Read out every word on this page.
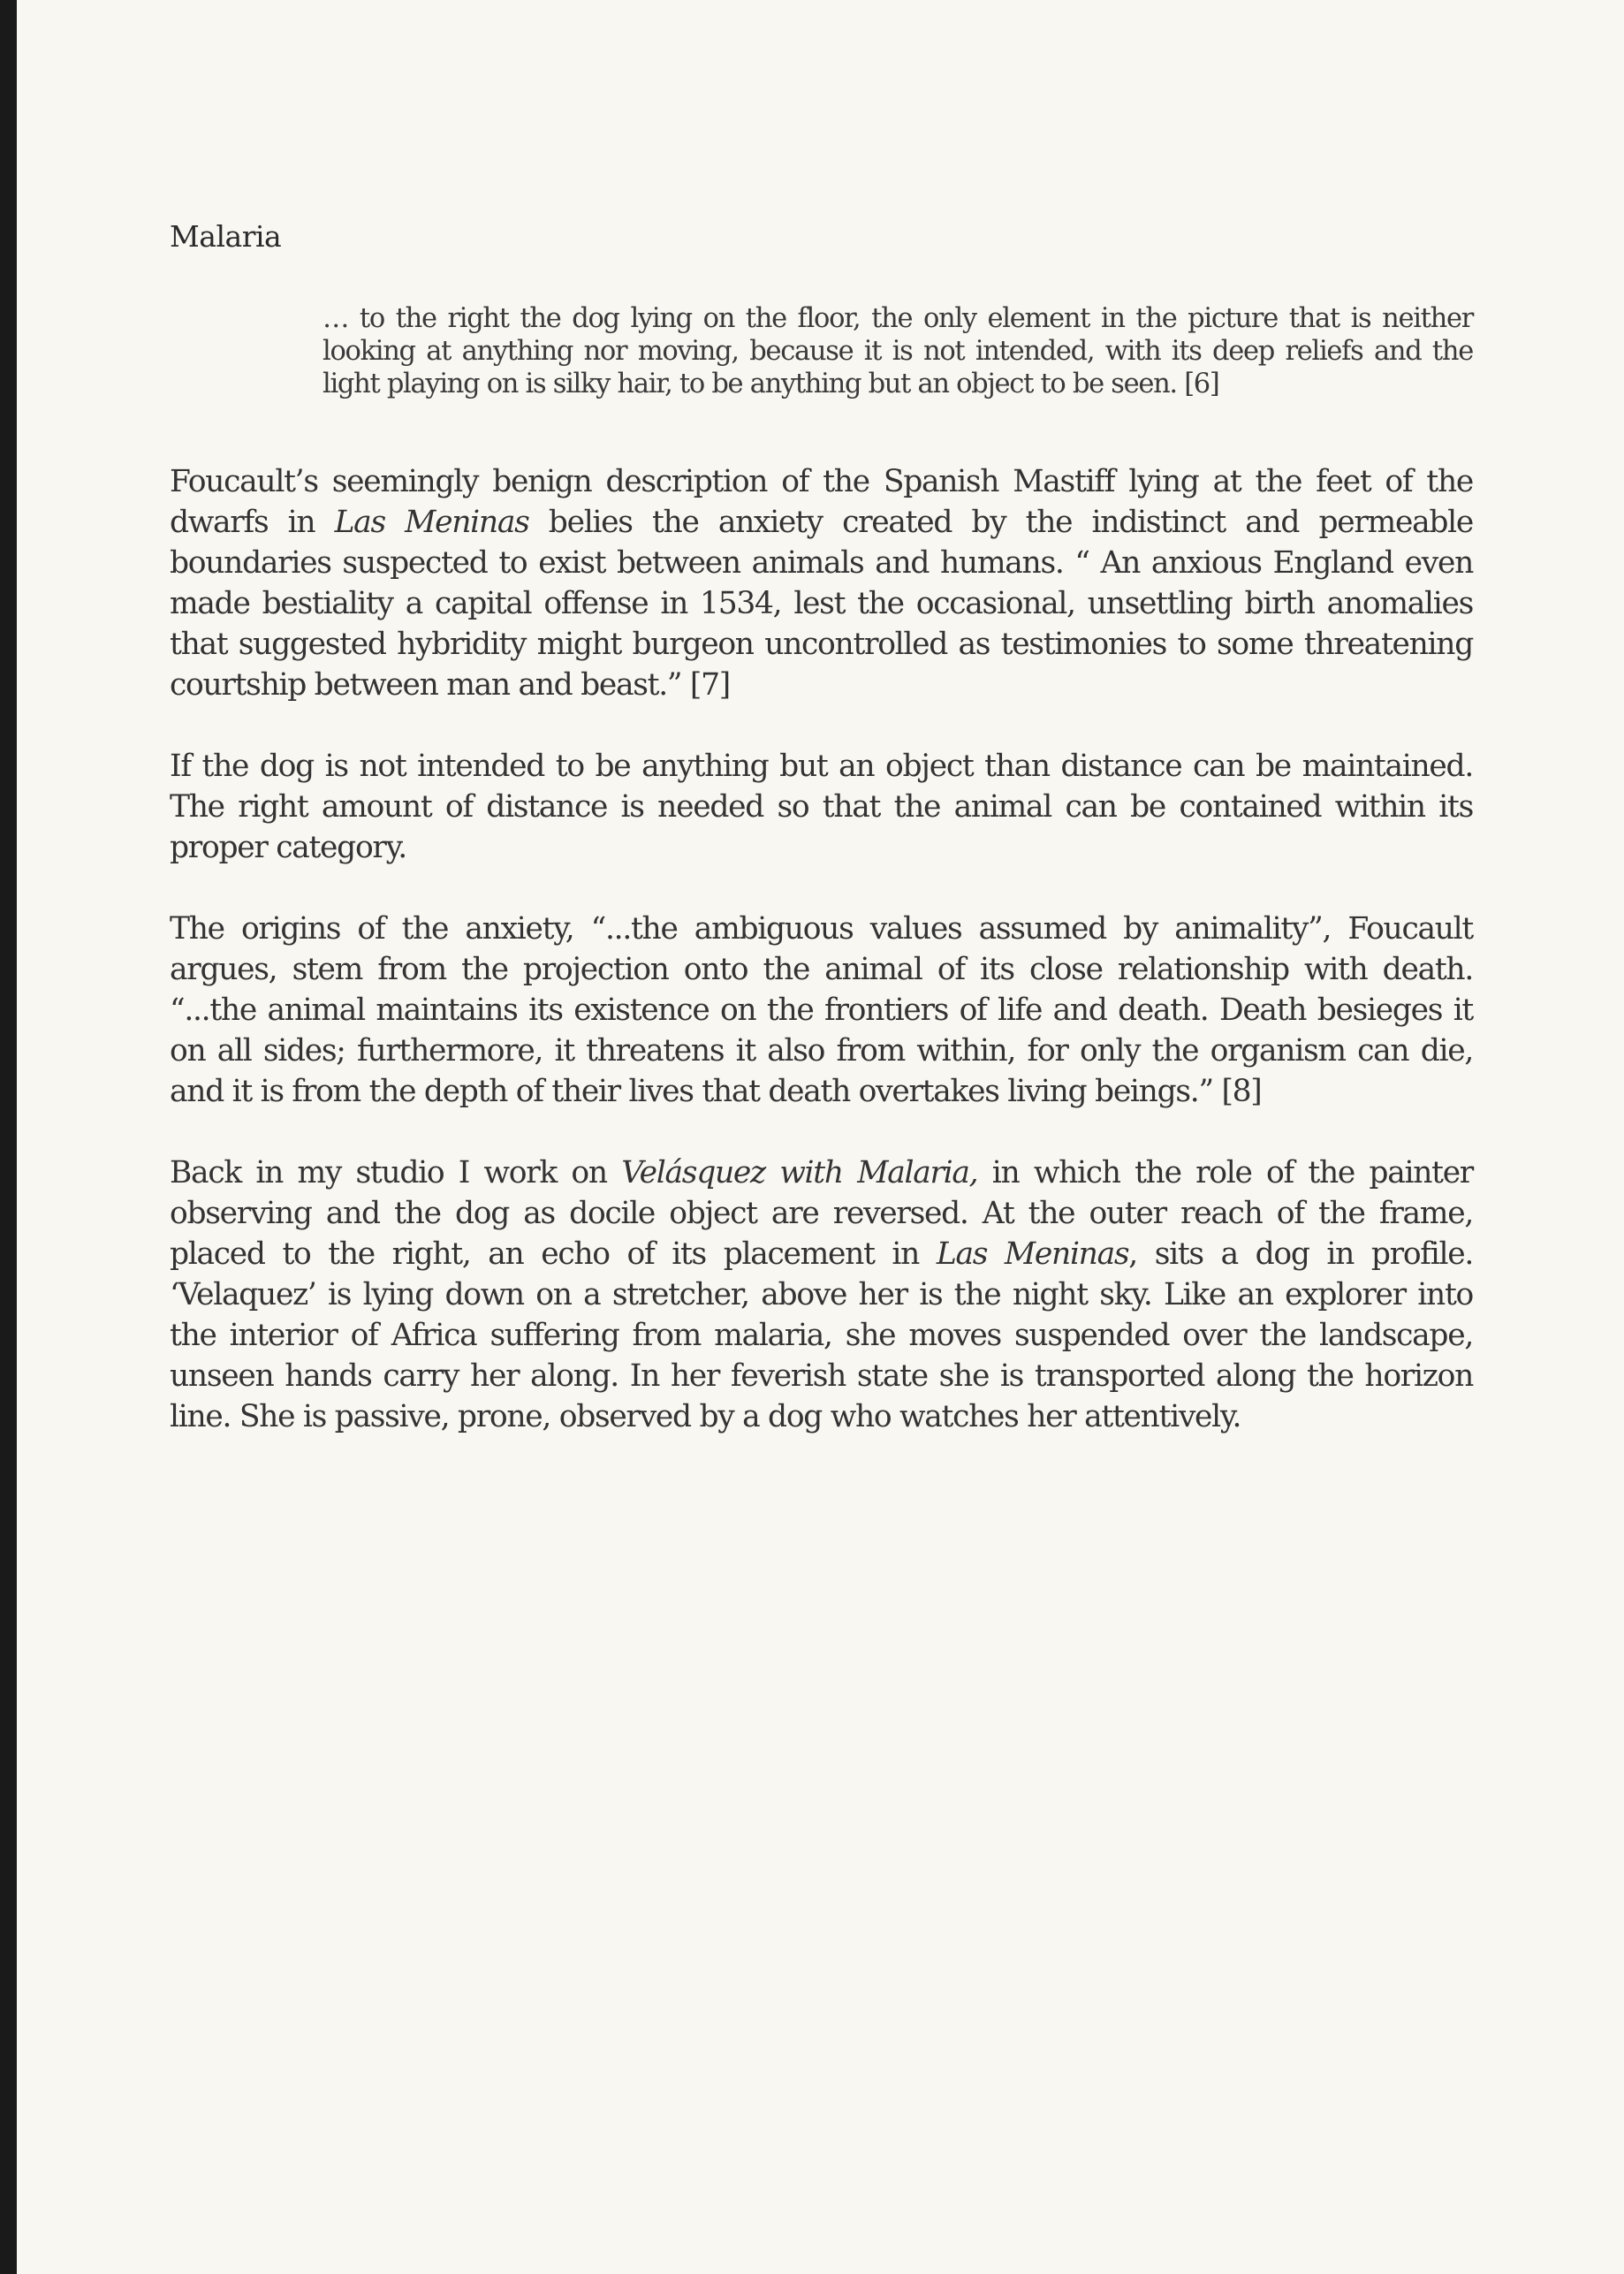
Malaria

… to the right the dog lying on the floor, the only element in the picture that is neither looking at anything nor moving, because it is not intended, with its deep reliefs and the light playing on is silky hair, to be anything but an object to be seen. [6]

Foucault’s seemingly benign description of the Spanish Mastiff lying at the feet of the dwarfs in Las Meninas belies the anxiety created by the indistinct and permeable boundaries suspected to exist between animals and humans. “ An anxious England even made bestiality a capital offense in 1534, lest the occasional, unsettling birth anomalies that suggested hybridity might burgeon uncontrolled as testimonies to some threatening courtship between man and beast.” [7]

If the dog is not intended to be anything but an object than distance can be maintained. The right amount of distance is needed so that the animal can be contained within its proper category.

The origins of the anxiety, “...the ambiguous values assumed by animality”, Foucault argues, stem from the projection onto the animal of its close relationship with death. “...the animal maintains its existence on the frontiers of life and death. Death besieges it on all sides; furthermore, it threatens it also from within, for only the organism can die, and it is from the depth of their lives that death overtakes living beings.” [8]

Back in my studio I work on Velásquez with Malaria, in which the role of the painter observing and the dog as docile object are reversed. At the outer reach of the frame, placed to the right, an echo of its placement in Las Meninas, sits a dog in profile. ‘Velaquez’ is lying down on a stretcher, above her is the night sky. Like an explorer into the interior of Africa suffering from malaria, she moves suspended over the landscape, unseen hands carry her along. In her feverish state she is transported along the horizon line. She is passive, prone, observed by a dog who watches her attentively.
